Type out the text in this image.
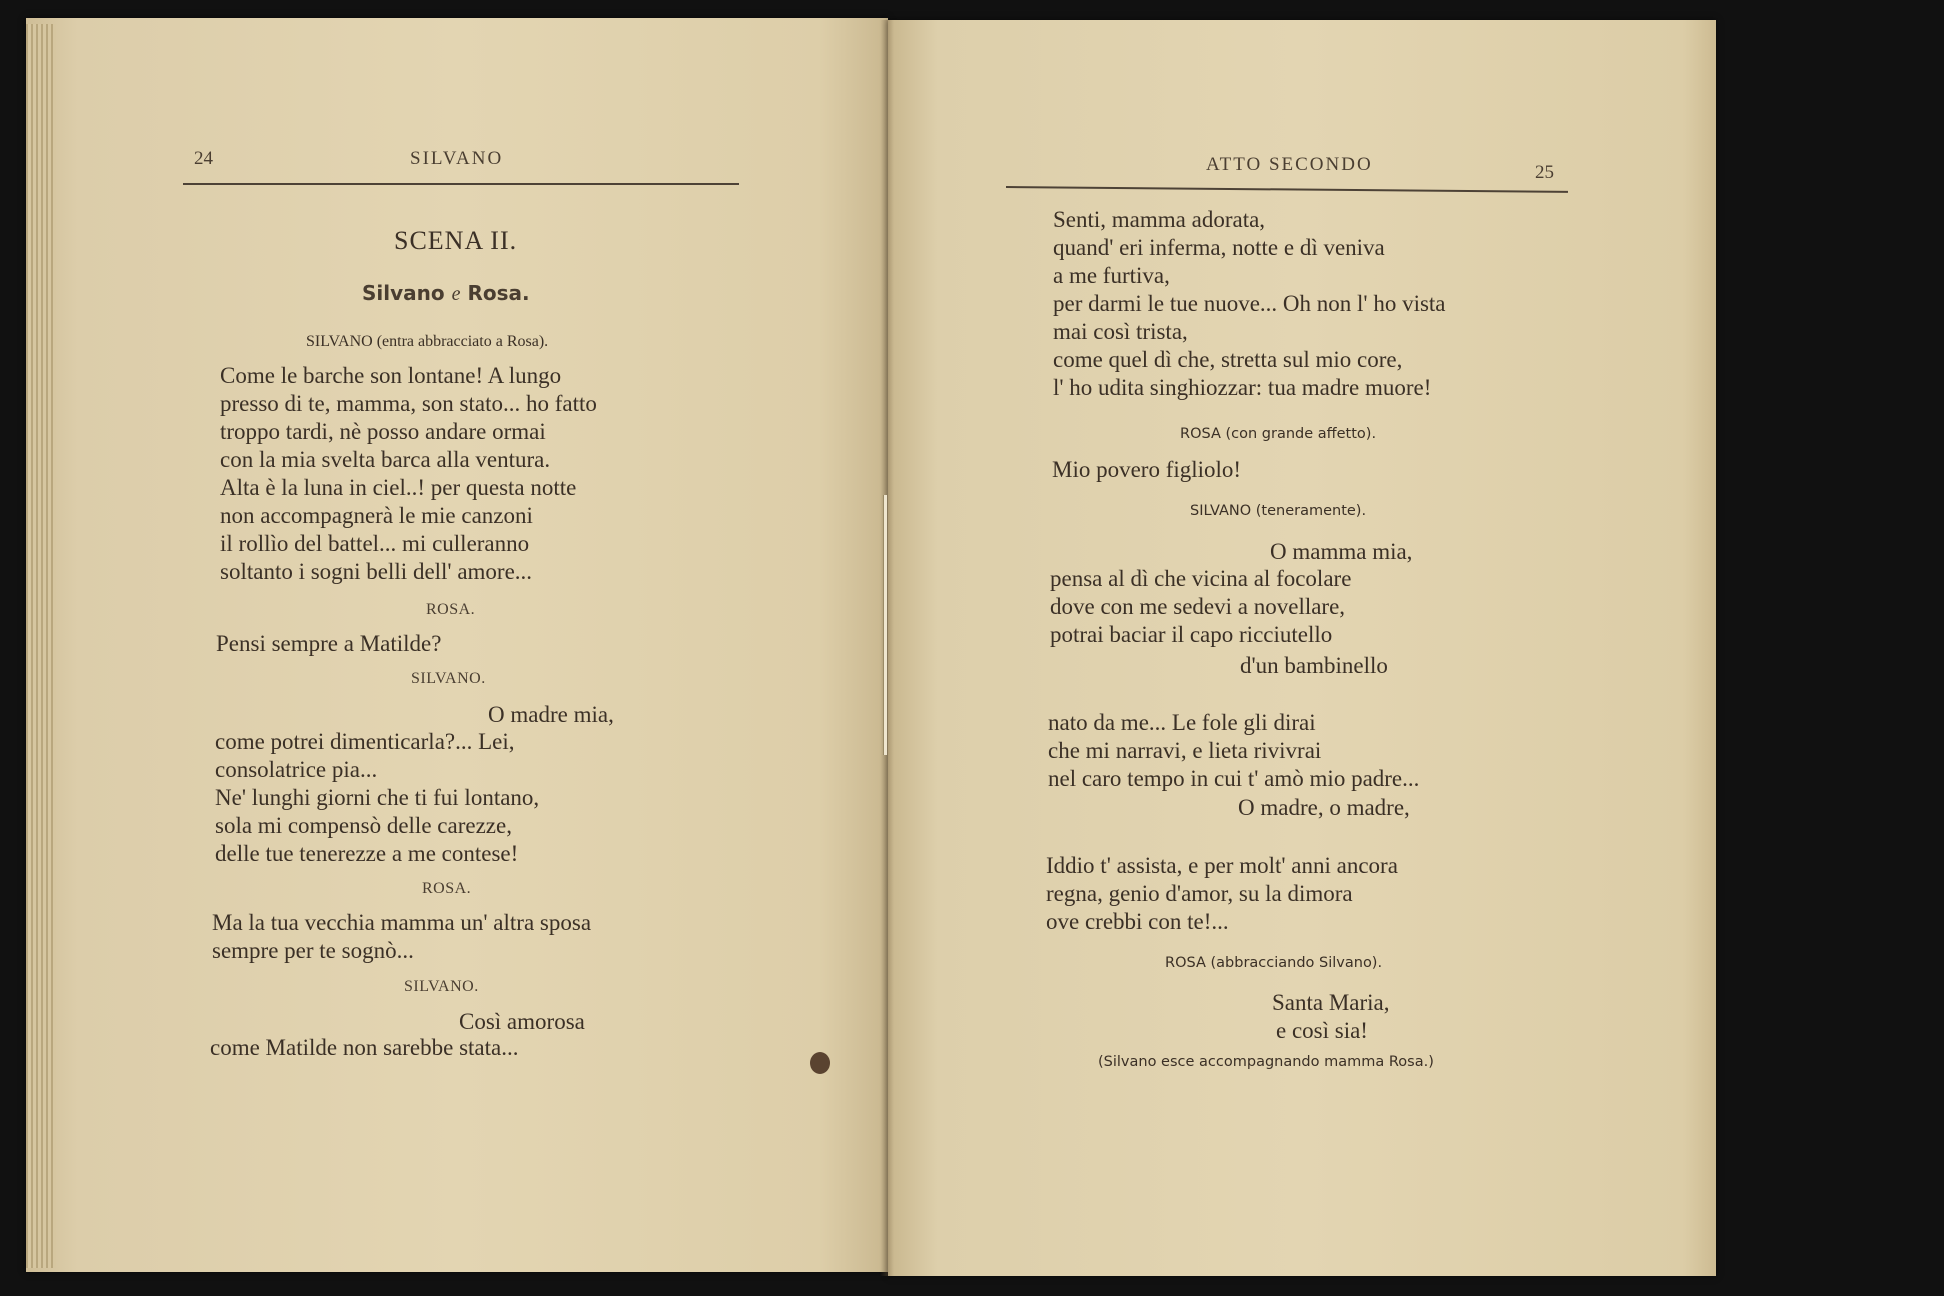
24	SILVANO
SCENA II.
Silvano e Rosa.
SILVANO (entra abbracciato a Rosa).
Come le barche son lontane! A lungo
presso di te, mamma, son stato... ho fatto
troppo tardi, nè posso andare ormai
con la mia svelta barca alla ventura.
Alta è la luna in ciel..! per questa notte
non accompagnerà le mie canzoni
il rollìo del battel... mi culleranno
soltanto i sogni belli dell' amore...
ROSA.
Pensi sempre a Matilde?
SILVANO.
O madre mia,
come potrei dimenticarla?... Lei,
consolatrice pia...
Ne' lunghi giorni che ti fui lontano,
sola mi compensò delle carezze,
delle tue tenerezze a me contese!
ROSA.
Ma la tua vecchia mamma un' altra sposa
sempre per te sognò...
SILVANO.
Così amorosa
come Matilde non sarebbe stata...
ATTO SECONDO	25
Senti, mamma adorata,
quand' eri inferma, notte e dì veniva
a me furtiva,
per darmi le tue nuove... Oh non l' ho vista
mai così trista,
come quel dì che, stretta sul mio core,
l' ho udita singhiozzar: tua madre muore!
ROSA (con grande affetto).
Mio povero figliolo!
SILVANO (teneramente).
O mamma mia,
pensa al dì che vicina al focolare
dove con me sedevi a novellare,
potrai baciar il capo ricciutello
d'un bambinello
nato da me... Le fole gli dirai
che mi narravi, e lieta rivivrai
nel caro tempo in cui t' amò mio padre...
O madre, o madre,
Iddio t' assista, e per molt' anni ancora
regna, genio d'amor, su la dimora
ove crebbi con te!...
ROSA (abbracciando Silvano).
Santa Maria,
e così sia!
(Silvano esce accompagnando mamma Rosa.)
